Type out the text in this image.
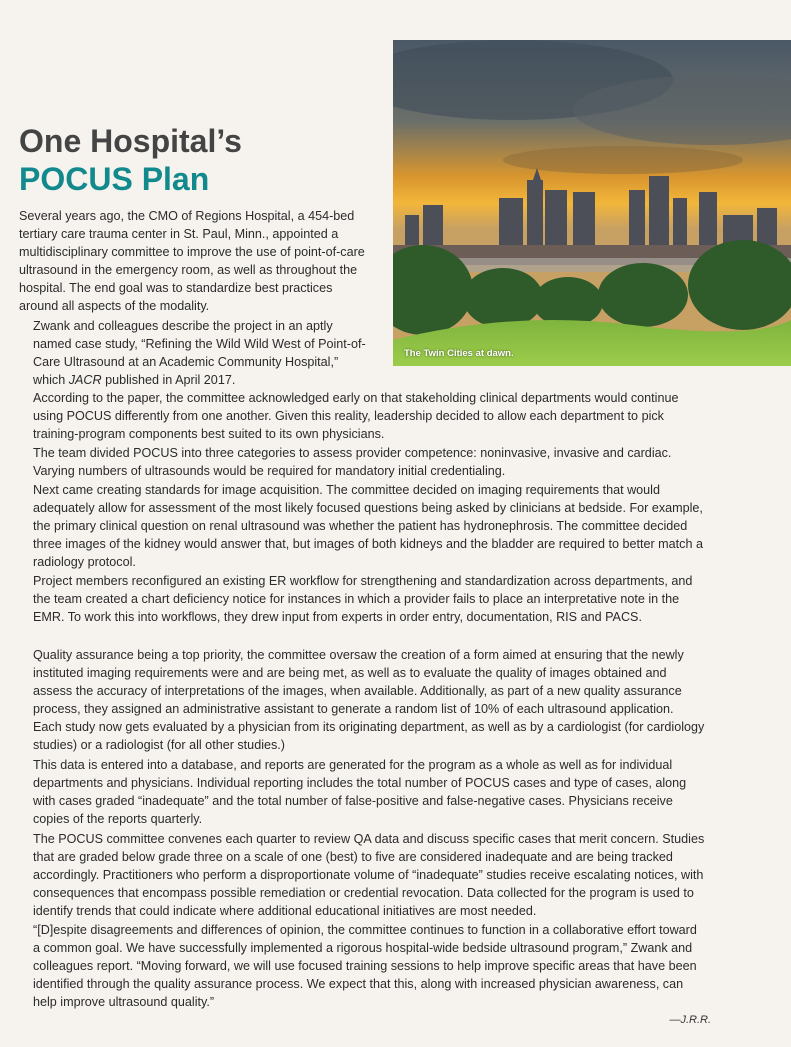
The Twin Cities at dawn.
One Hospital’s
POCUS Plan

Several years ago, the CMO of Regions Hospital, a 454-bed tertiary care trauma center in St. Paul, Minn., appointed a multidisciplinary committee to improve the use of point-of-care ultrasound in the emergency room, as well as throughout the hospital. The end goal was to standardize best practices around all aspects of the modality.

Zwank and colleagues describe the project in an aptly named case study, “Refining the Wild Wild West of Point-of-Care Ultrasound at an Academic Community Hospital,” which JACR published in April 2017.

According to the paper, the committee acknowledged early on that stakeholding clinical departments would continue using POCUS differently from one another. Given this reality, leadership decided to allow each department to pick training-program components best suited to its own physicians.

The team divided POCUS into three categories to assess provider competence: noninvasive, invasive and cardiac. Varying numbers of ultrasounds would be required for mandatory initial credentialing.

Next came creating standards for image acquisition. The committee decided on imaging requirements that would adequately allow for assessment of the most likely focused questions being asked by clinicians at bedside. For example, the primary clinical question on renal ultrasound was whether the patient has hydronephrosis. The committee decided three images of the kidney would answer that, but images of both kidneys and the bladder are required to better match a radiology protocol.

Project members reconfigured an existing ER workflow for strengthening and standardization across departments, and the team created a chart deficiency notice for instances in which a provider fails to place an interpretative note in the EMR. To work this into workflows, they drew input from experts in order entry, documentation, RIS and PACS.

Quality assurance being a top priority, the committee oversaw the creation of a form aimed at ensuring that the newly instituted imaging requirements were and are being met, as well as to evaluate the quality of images obtained and assess the accuracy of interpretations of the images, when available. Additionally, as part of a new quality assurance process, they assigned an administrative assistant to generate a random list of 10% of each ultrasound application. Each study now gets evaluated by a physician from its originating department, as well as by a cardiologist (for cardiology studies) or a radiologist (for all other studies.)

This data is entered into a database, and reports are generated for the program as a whole as well as for individual departments and physicians. Individual reporting includes the total number of POCUS cases and type of cases, along with cases graded “inadequate” and the total number of false-positive and false-negative cases. Physicians receive copies of the reports quarterly.

The POCUS committee convenes each quarter to review QA data and discuss specific cases that merit concern. Studies that are graded below grade three on a scale of one (best) to five are considered inadequate and are being tracked accordingly. Practitioners who perform a disproportionate volume of “inadequate” studies receive escalating notices, with consequences that encompass possible remediation or credential revocation. Data collected for the program is used to identify trends that could indicate where additional educational initiatives are most needed.

“[D]espite disagreements and differences of opinion, the committee continues to function in a collaborative effort toward a common goal. We have successfully implemented a rigorous hospital-wide bedside ultrasound program,” Zwank and colleagues report. “Moving forward, we will use focused training sessions to help improve specific areas that have been identified through the quality assurance process. We expect that this, along with increased physician awareness, can help improve ultrasound quality.”

—J.R.R.
